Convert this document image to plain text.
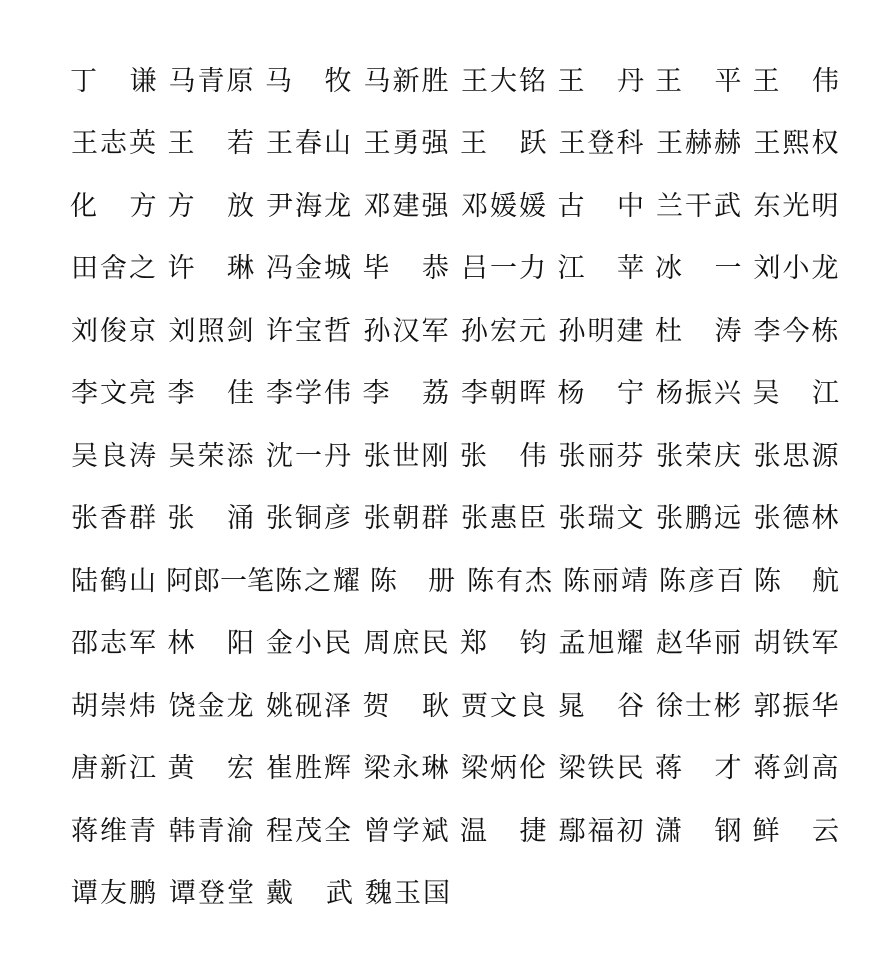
丁 谦 马 青 原 马 牧 马 新 胜 王 大 铭 王 丹 王 平 王 伟
王 志 英 王 若 王 春 山 王 勇 强 王 跃 王 登 科 王 赫 赫 王 熙 权
化 方 方 放 尹 海 龙 邓 建 强 邓 媛 媛 古 中 兰 干 武 东 光 明
田 舍 之 许 琳 冯 金 城 毕 恭 吕 一 力 江 苹 冰 一 刘 小 龙
刘 俊 京 刘 照 剑 许 宝 哲 孙 汉 军 孙 宏 元 孙 明 建 杜 涛 李 今 栋
李 文 亮 李 佳 李 学 伟 李 荔 李 朝 晖 杨 宁 杨 振 兴 吴 江
吴 良 涛 吴 荣 添 沈 一 丹 张 世 刚 张 伟 张 丽 芬 张 荣 庆 张 思 源
张 香 群 张 涌 张 铜 彦 张 朝 群 张 惠 臣 张 瑞 文 张 鹏 远 张 德 林
陆 鹤 山 阿 郎 一 笔 陈 之 耀 陈 册 陈 有 杰 陈 丽 靖 陈 彦 百 陈 航
邵 志 军 林 阳 金 小 民 周 庶 民 郑 钧 孟 旭 耀 赵 华 丽 胡 铁 军
胡 崇 炜 饶 金 龙 姚 砚 泽 贺 耿 贾 文 良 晁 谷 徐 士 彬 郭 振 华
唐 新 江 黄 宏 崔 胜 辉 梁 永 琳 梁 炳 伦 梁 铁 民 蒋 才 蒋 剑 高
蒋 维 青 韩 青 渝 程 茂 全 曾 学 斌 温 捷 鄢 福 初 潇 钢 鲜 云
谭 友 鹏 谭 登 堂 戴 武 魏 玉 国
